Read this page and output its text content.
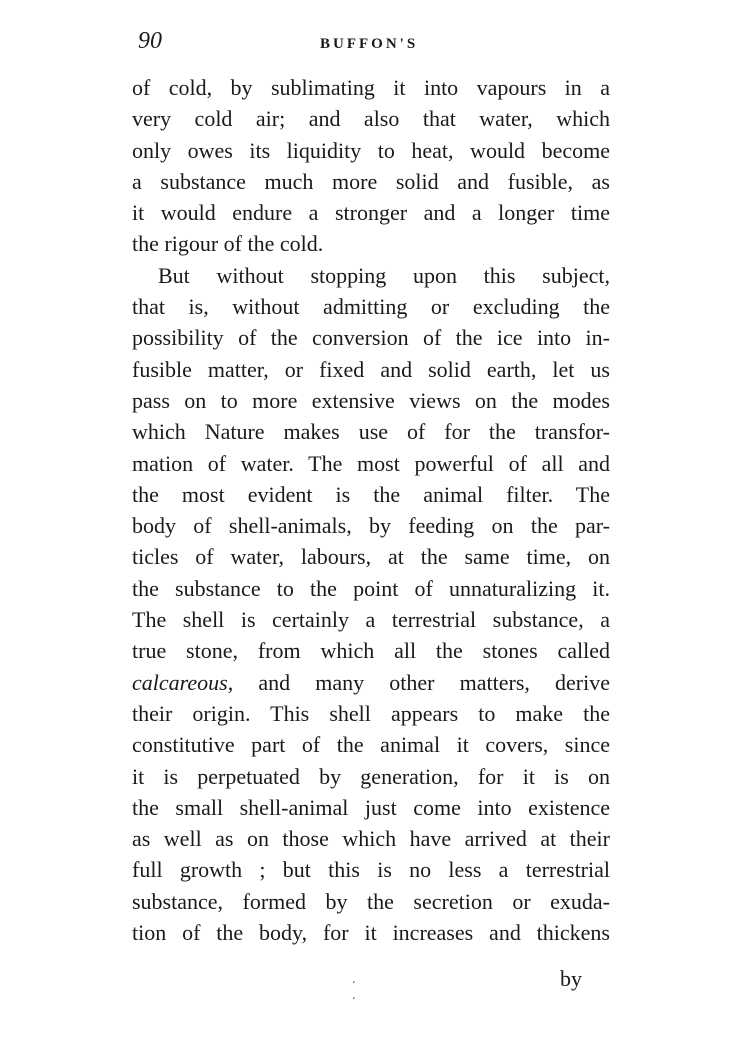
90	BUFFON'S
of cold, by sublimating it into vapours in a
very cold air; and also that water, which
only owes its liquidity to heat, would become
a substance much more solid and fusible, as
it would endure a stronger and a longer time
the rigour of the cold.
But without stopping upon this subject,
that is, without admitting or excluding the
possibility of the conversion of the ice into in-
fusible matter, or fixed and solid earth, let us
pass on to more extensive views on the modes
which Nature makes use of for the transfor-
mation of water. The most powerful of all and
the most evident is the animal filter. The
body of shell-animals, by feeding on the par-
ticles of water, labours, at the same time, on
the substance to the point of unnaturalizing it.
The shell is certainly a terrestrial substance, a
true stone, from which all the stones called
calcareous, and many other matters, derive
their origin. This shell appears to make the
constitutive part of the animal it covers, since
it is perpetuated by generation, for it is on
the small shell-animal just come into existence
as well as on those which have arrived at their
full growth ; but this is no less a terrestrial
substance, formed by the secretion or exuda-
tion of the body, for it increases and thickens
. .
by
